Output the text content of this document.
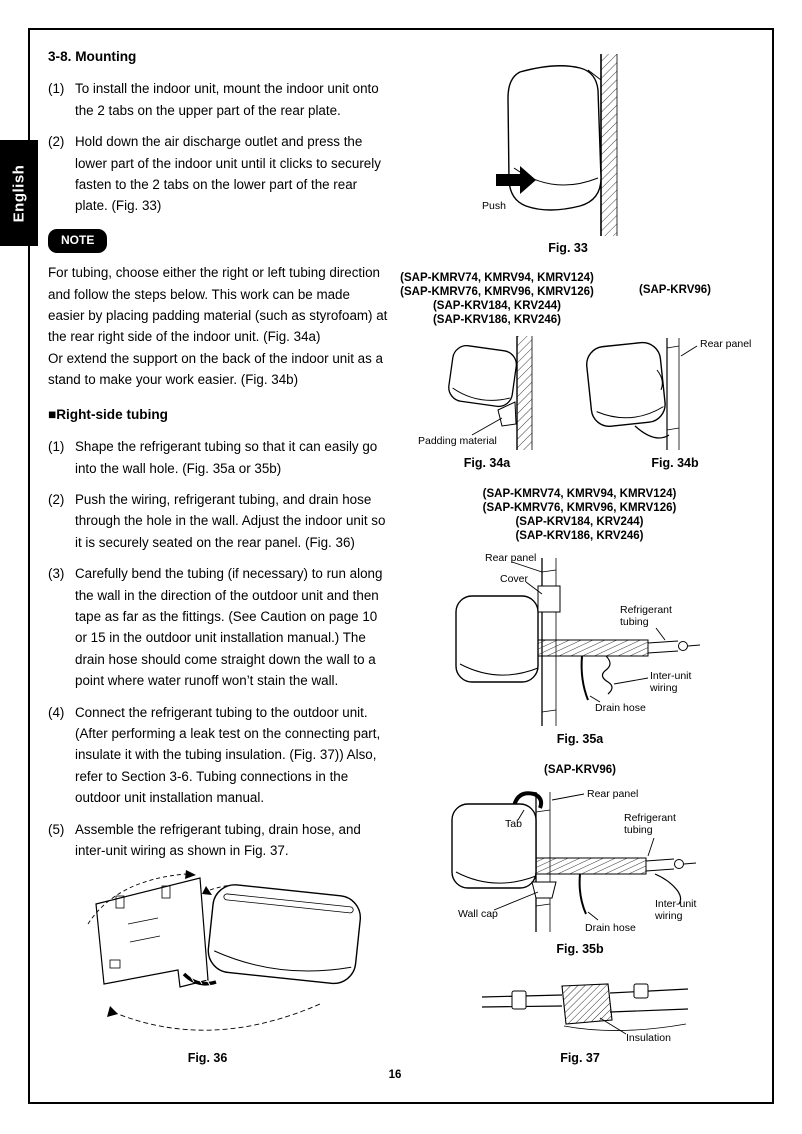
English
3-8. Mounting
(1) To install the indoor unit, mount the indoor unit onto the 2 tabs on the upper part of the rear plate.
(2) Hold down the air discharge outlet and press the lower part of the indoor unit until it clicks to securely fasten to the 2 tabs on the lower part of the rear plate. (Fig. 33)
NOTE

For tubing, choose either the right or left tubing direction and follow the steps below. This work can be made easier by placing padding material (such as styrofoam) at the rear right side of the indoor unit. (Fig. 34a)

Or extend the support on the back of the indoor unit as a stand to make your work easier. (Fig. 34b)

■Right-side tubing
(1) Shape the refrigerant tubing so that it can easily go into the wall hole. (Fig. 35a or 35b)
(2) Push the wiring, refrigerant tubing, and drain hose through the hole in the wall. Adjust the indoor unit so it is securely seated on the rear panel. (Fig. 36)
(3) Carefully bend the tubing (if necessary) to run along the wall in the direction of the outdoor unit and then tape as far as the fittings. (See Caution on page 10 or 15 in the outdoor unit installation manual.) The drain hose should come straight down the wall to a point where water runoff won’t stain the wall.
(4) Connect the refrigerant tubing to the outdoor unit. (After performing a leak test on the connecting part, insulate it with the tubing insulation. (Fig. 37)) Also, refer to Section 3-6. Tubing connections in the outdoor unit installation manual.
(5) Assemble the refrigerant tubing, drain hose, and inter-unit wiring as shown in Fig. 37.
Push
Fig. 33
(SAP-KMRV74, KMRV94, KMRV124)
(SAP-KMRV76, KMRV96, KMRV126)
(SAP-KRV184, KRV244)
(SAP-KRV186, KRV246)
(SAP-KRV96)
Padding material
Fig. 34a
Rear panel
Fig. 34b
(SAP-KMRV74, KMRV94, KMRV124)
(SAP-KMRV76, KMRV96, KMRV126)
(SAP-KRV184, KRV244)
(SAP-KRV186, KRV246)
Rear panel
Cover
Refrigerant tubing
Inter-unit wiring
Drain hose
Fig. 35a
(SAP-KRV96)
Rear panel
Tab	Refrigerant tubing
Wall cap
Drain hose
Inter-unit wiring
Fig. 35b
Fig. 36
Insulation
Fig. 37
16
